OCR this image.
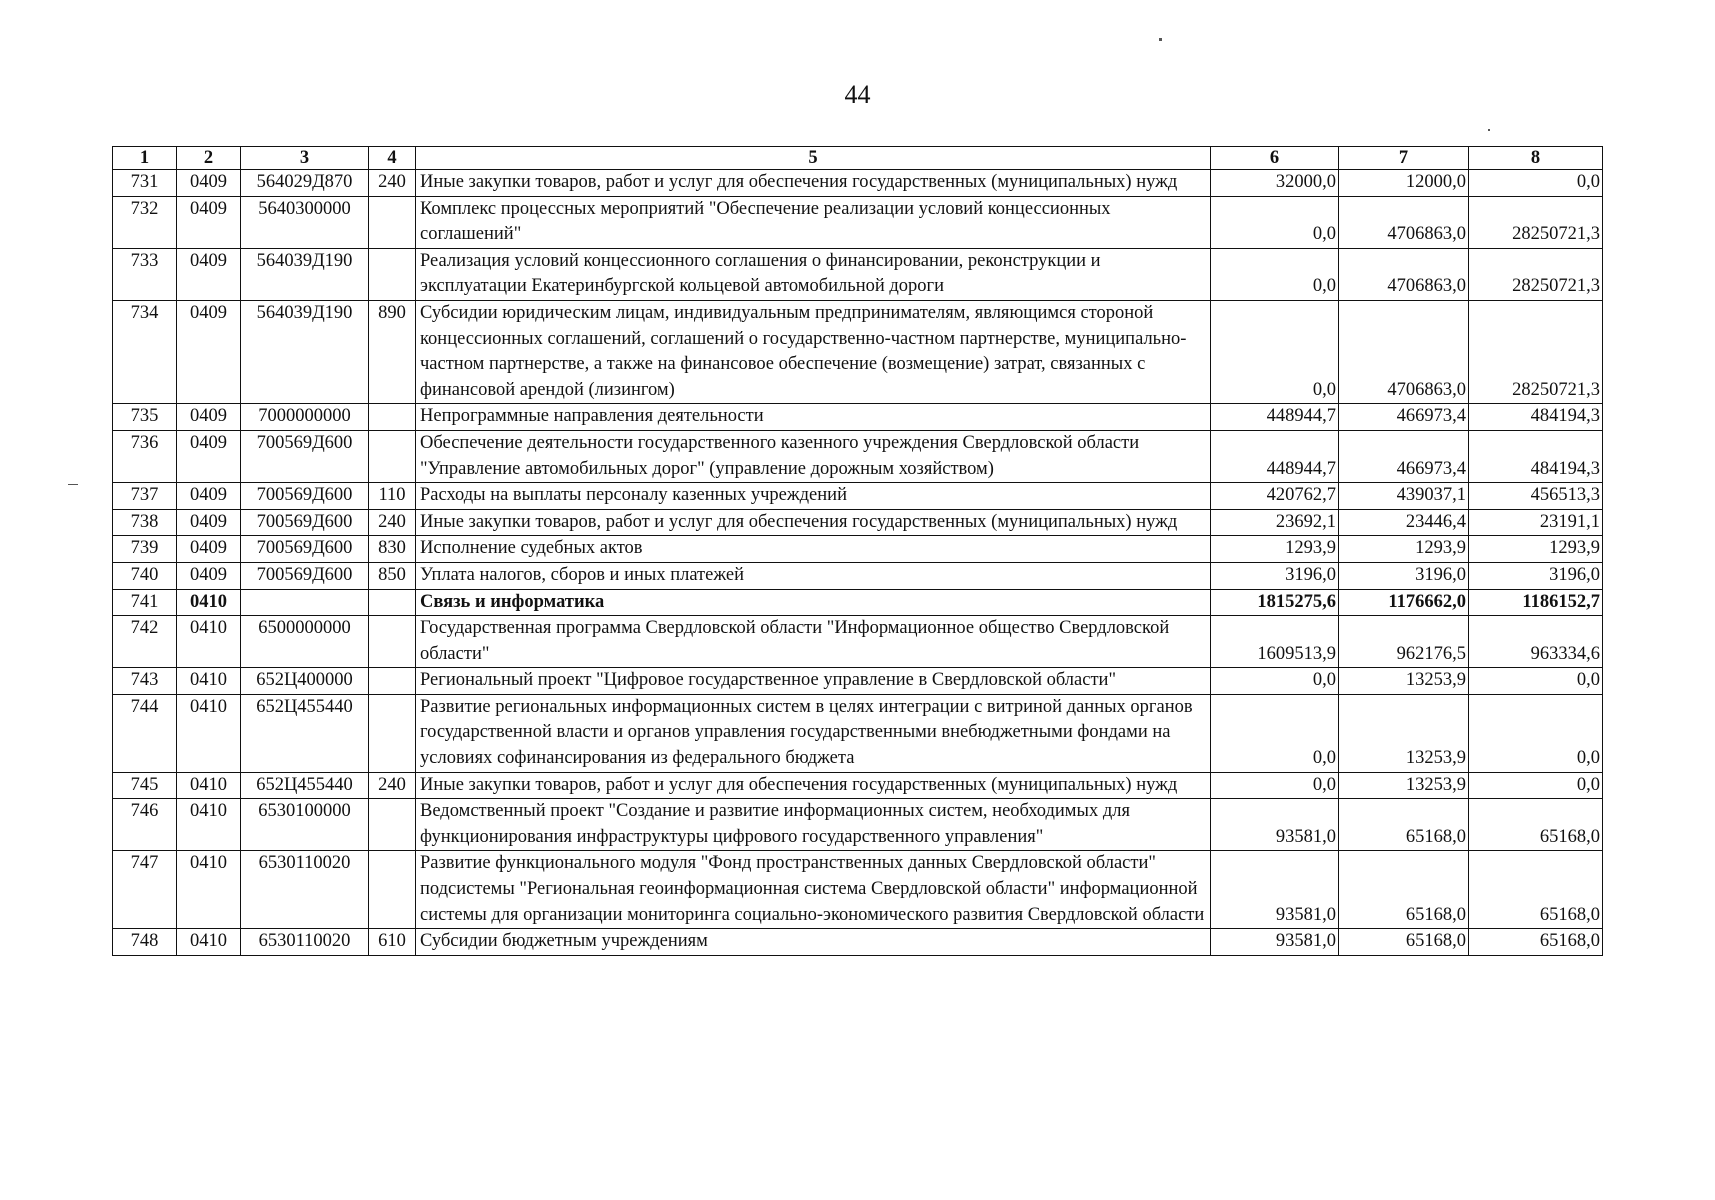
44
1	2	3	4	5	6	7	8
731	0409	564029Д870	240	Иные закупки товаров, работ и услуг для обеспечения государственных (муниципальных) нужд	32000,0	12000,0	0,0
732	0409	5640300000		Комплекс процессных мероприятий "Обеспечение реализации условий концессионных соглашений"	0,0	4706863,0	28250721,3
733	0409	564039Д190		Реализация условий концессионного соглашения о финансировании, реконструкции и эксплуатации Екатеринбургской кольцевой автомобильной дороги	0,0	4706863,0	28250721,3
734	0409	564039Д190	890	Субсидии юридическим лицам, индивидуальным предпринимателям, являющимся стороной концессионных соглашений, соглашений о государственно-частном партнерстве, муниципально-частном партнерстве, а также на финансовое обеспечение (возмещение) затрат, связанных с финансовой арендой (лизингом)	0,0	4706863,0	28250721,3
735	0409	7000000000		Непрограммные направления деятельности	448944,7	466973,4	484194,3
736	0409	700569Д600		Обеспечение деятельности государственного казенного учреждения Свердловской области "Управление автомобильных дорог" (управление дорожным хозяйством)	448944,7	466973,4	484194,3
737	0409	700569Д600	110	Расходы на выплаты персоналу казенных учреждений	420762,7	439037,1	456513,3
738	0409	700569Д600	240	Иные закупки товаров, работ и услуг для обеспечения государственных (муниципальных) нужд	23692,1	23446,4	23191,1
739	0409	700569Д600	830	Исполнение судебных актов	1293,9	1293,9	1293,9
740	0409	700569Д600	850	Уплата налогов, сборов и иных платежей	3196,0	3196,0	3196,0
741	0410			Связь и информатика	1815275,6	1176662,0	1186152,7
742	0410	6500000000		Государственная программа Свердловской области "Информационное общество Свердловской области"	1609513,9	962176,5	963334,6
743	0410	652Ц400000		Региональный проект "Цифровое государственное управление в Свердловской области"	0,0	13253,9	0,0
744	0410	652Ц455440		Развитие региональных информационных систем в целях интеграции с витриной данных органов государственной власти и органов управления государственными внебюджетными фондами на условиях софинансирования из федерального бюджета	0,0	13253,9	0,0
745	0410	652Ц455440	240	Иные закупки товаров, работ и услуг для обеспечения государственных (муниципальных) нужд	0,0	13253,9	0,0
746	0410	6530100000		Ведомственный проект "Создание и развитие информационных систем, необходимых для функционирования инфраструктуры цифрового государственного управления"	93581,0	65168,0	65168,0
747	0410	6530110020		Развитие функционального модуля "Фонд пространственных данных Свердловской области" подсистемы "Региональная геоинформационная система Свердловской области" информационной системы для организации мониторинга социально-экономического развития Свердловской области	93581,0	65168,0	65168,0
748	0410	6530110020	610	Субсидии бюджетным учреждениям	93581,0	65168,0	65168,0
